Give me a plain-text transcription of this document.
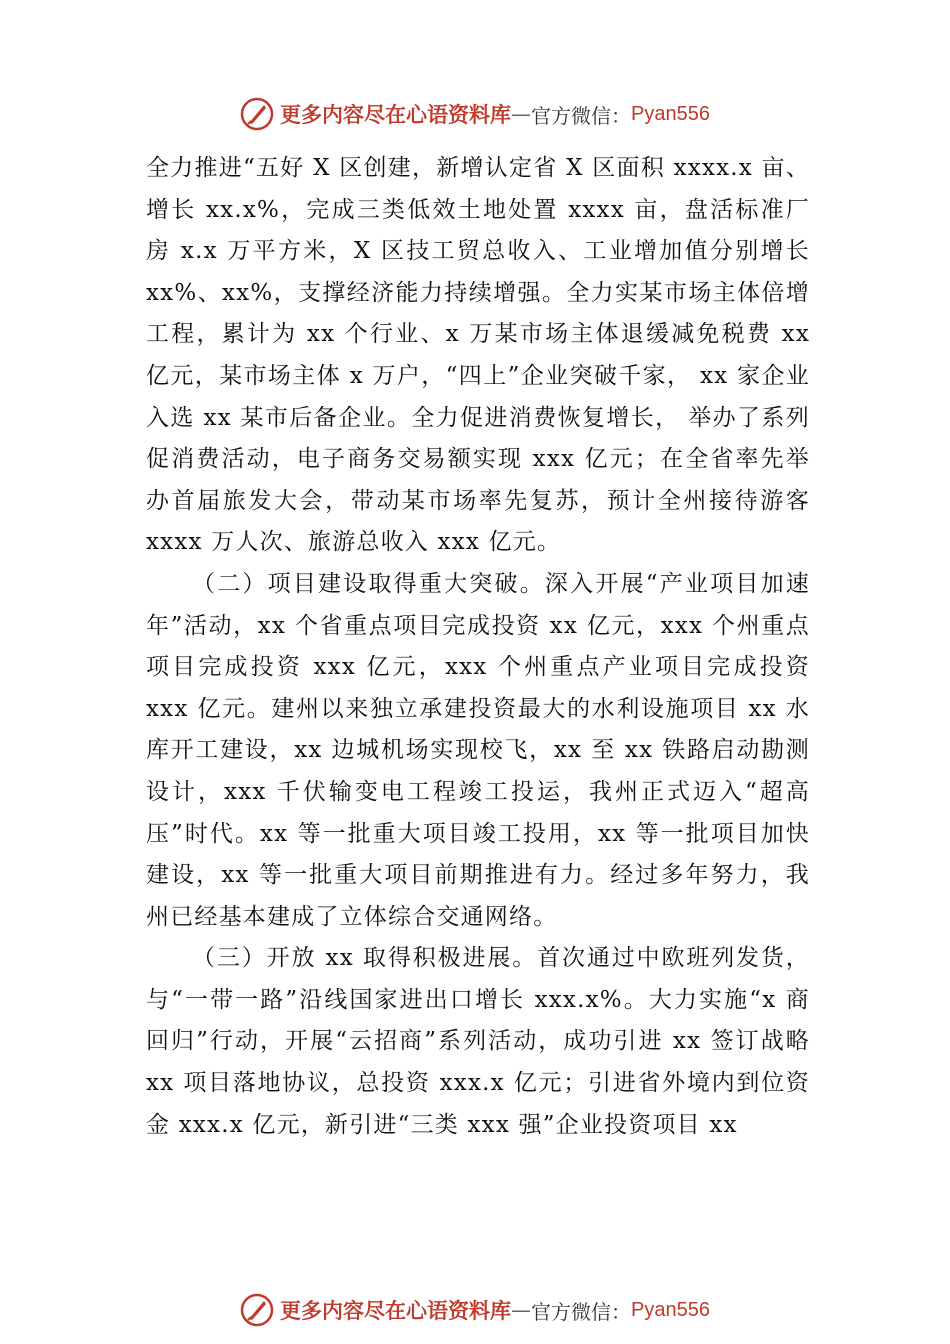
更多内容尽在心语资料库 — 官方微信： Pyan556

全力推进“五好 X 区创建，新增认定省 X 区面积 xxxx.x 亩、增长 xx.x%，完成三类低效土地处置 xxxx 亩，盘活标准厂房 x.x 万平方米，X 区技工贸总收入、工业增加值分别增长 xx%、xx%，支撑经济能力持续增强。全力实某市场主体倍增工程，累计为 xx 个行业、x 万某市场主体退缓减免税费 xx 亿元，某市场主体 x 万户，“四上”企业突破千家， xx 家企业入选 xx 某市后备企业。全力促进消费恢复增长， 举办了系列促消费活动，电子商务交易额实现 xxx 亿元；在全省率先举办首届旅发大会，带动某市场率先复苏，预计全州接待游客 xxxx 万人次、旅游总收入 xxx 亿元。

（二）项目建设取得重大突破。深入开展“产业项目加速年”活动，xx 个省重点项目完成投资 xx 亿元，xxx 个州重点项目完成投资 xxx 亿元，xxx 个州重点产业项目完成投资 xxx 亿元。建州以来独立承建投资最大的水利设施项目 xx 水库开工建设，xx 边城机场实现校飞，xx 至 xx 铁路启动勘测设计，xxx 千伏输变电工程竣工投运，我州正式迈入“超高压”时代。xx 等一批重大项目竣工投用，xx 等一批项目加快建设，xx 等一批重大项目前期推进有力。经过多年努力，我州已经基本建成了立体综合交通网络。

（三）开放 xx 取得积极进展。首次通过中欧班列发货， 与“一带一路”沿线国家进出口增长 xxx.x%。大力实施“x 商回归”行动，开展“云招商”系列活动，成功引进 xx 签订战略 xx 项目落地协议，总投资 xxx.x 亿元；引进省外境内到位资金 xxx.x 亿元，新引进“三类 xxx 强”企业投资项目 xx

更多内容尽在心语资料库 — 官方微信： Pyan556
